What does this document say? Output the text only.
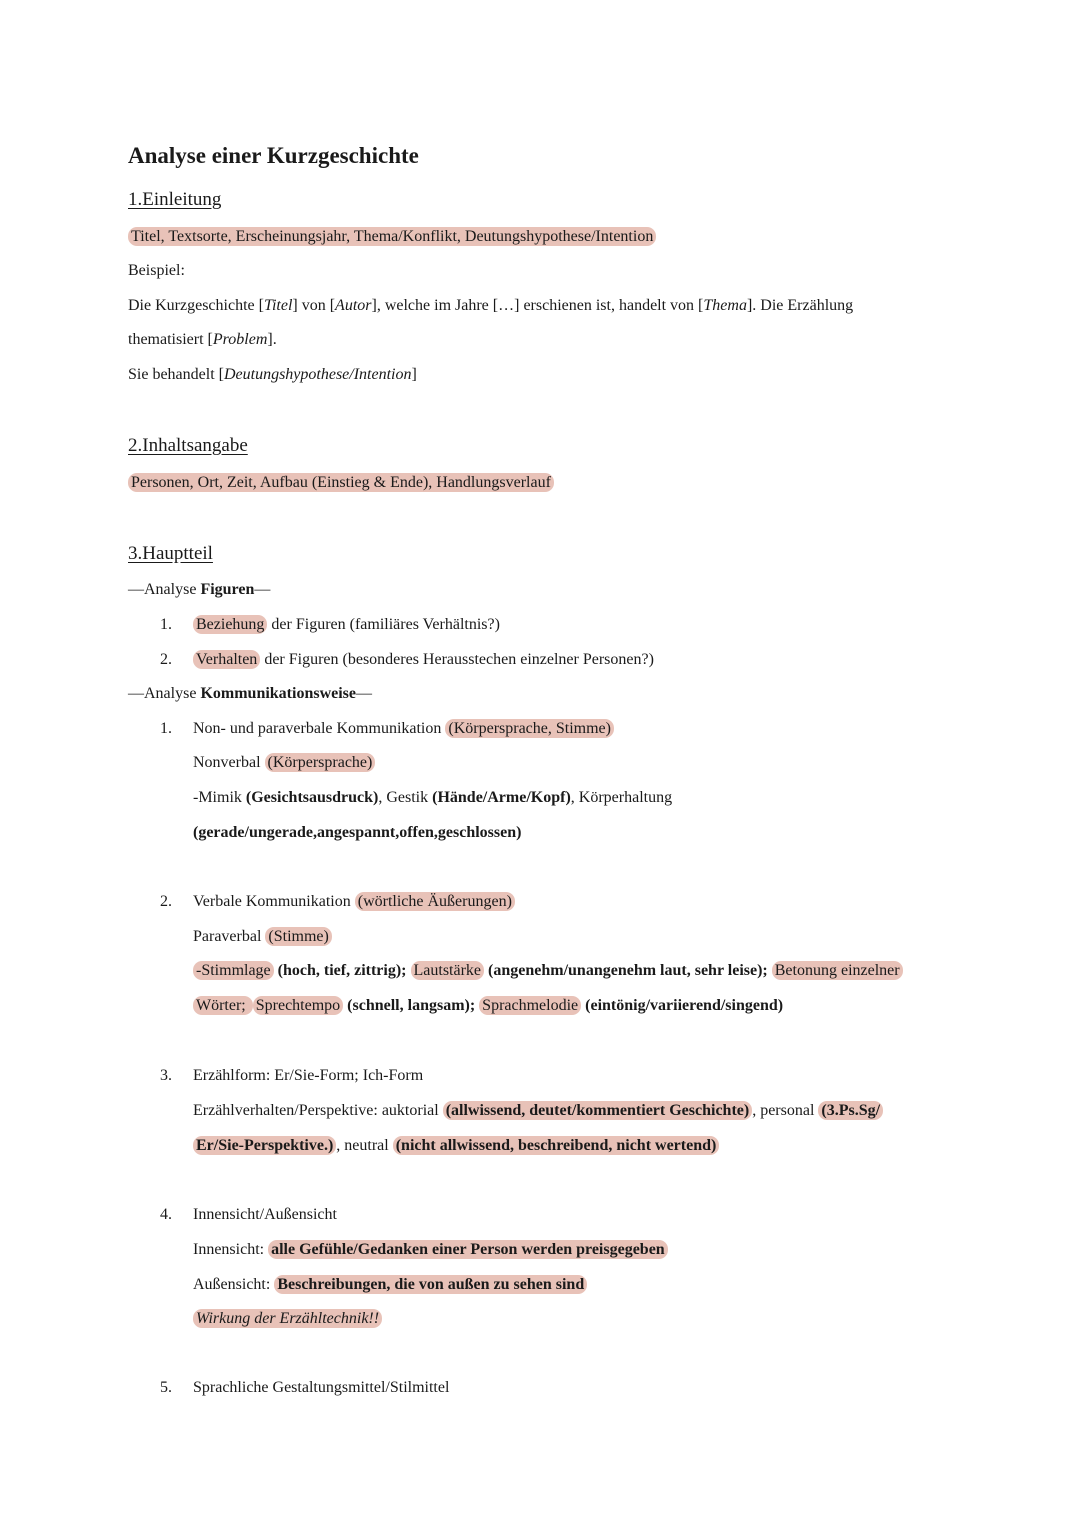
Analyse einer Kurzgeschichte
1.Einleitung
Titel, Textsorte, Erscheinungsjahr, Thema/Konflikt, Deutungshypothese/Intention
Beispiel:
Die Kurzgeschichte [Titel] von [Autor], welche im Jahre […] erschienen ist, handelt von [Thema]. Die Erzählung
thematisiert [Problem].
Sie behandelt [Deutungshypothese/Intention]
2.Inhaltsangabe
Personen, Ort, Zeit, Aufbau (Einstieg & Ende), Handlungsverlauf
3.Hauptteil
—Analyse Figuren—
1. Beziehung der Figuren (familiäres Verhältnis?)
2. Verhalten der Figuren (besonderes Herausstechen einzelner Personen?)
—Analyse Kommunikationsweise—
1. Non- und paraverbale Kommunikation (Körpersprache, Stimme)
Nonverbal (Körpersprache)
-Mimik (Gesichtsausdruck), Gestik (Hände/Arme/Kopf), Körperhaltung
(gerade/ungerade,angespannt,offen,geschlossen)
2. Verbale Kommunikation (wörtliche Äußerungen)
Paraverbal (Stimme)
-Stimmlage (hoch, tief, zittrig); Lautstärke (angenehm/unangenehm laut, sehr leise); Betonung einzelner
Wörter; Sprechtempo (schnell, langsam); Sprachmelodie (eintönig/variierend/singend)
3. Erzählform: Er/Sie-Form; Ich-Form
Erzählverhalten/Perspektive: auktorial (allwissend, deutet/kommentiert Geschichte) , personal (3.Ps.Sg/
Er/Sie-Perspektive.) , neutral (nicht allwissend, beschreibend, nicht wertend)
4. Innensicht/Außensicht
Innensicht: alle Gefühle/Gedanken einer Person werden preisgegeben
Außensicht: Beschreibungen, die von außen zu sehen sind
Wirkung der Erzähltechnik!!
5. Sprachliche Gestaltungsmittel/Stilmittel
